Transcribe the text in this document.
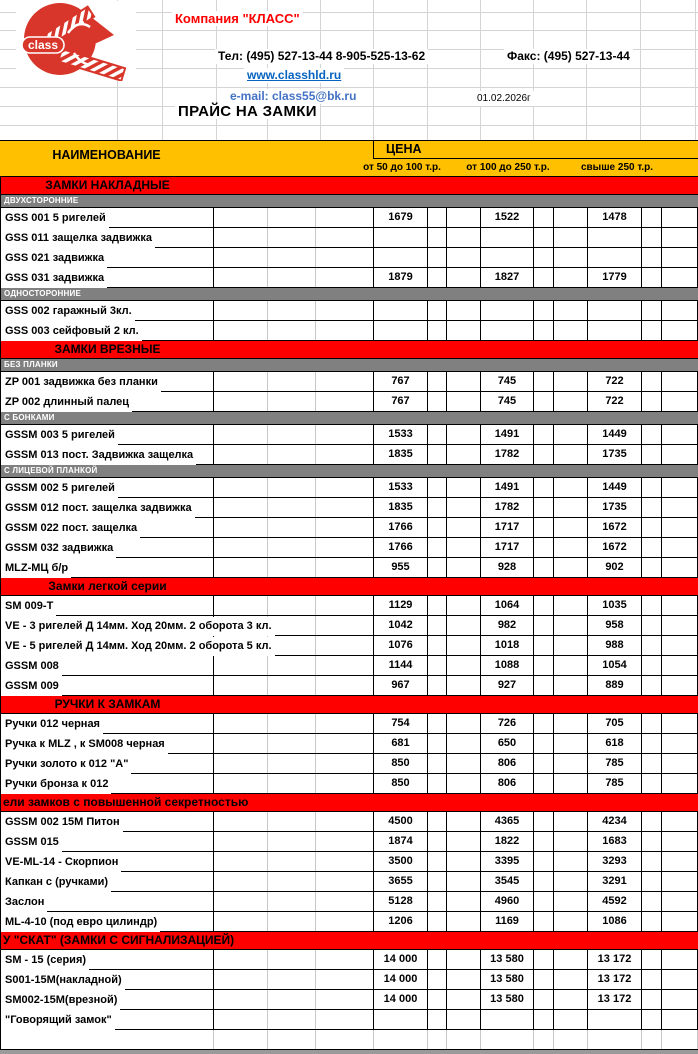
class
Компания "КЛАСС"
Тел: (495) 527-13-44 8-905-525-13-62	Факс: (495) 527-13-44
www.classhld.ru
e-mail: class55@bk.ru	01.02.2026г
ПРАЙС НА ЗАМКИ
НАИМЕНОВАНИЕ	ЦЕНА
от 50 до 100 т.р.	от 100 до 250 т.р.	свыше 250 т.р.
ЗАМКИ НАКЛАДНЫЕ
ДВУХСТОРОННИЕ
GSS 001 5 ригелей	1679	1522	1478
GSS 011 защелка задвижка
GSS 021 задвижка
GSS 031 задвижка	1879	1827	1779
ОДНОСТОРОННИЕ
GSS 002 гаражный 3кл.
GSS 003 сейфовый 2 кл.
ЗАМКИ ВРЕЗНЫЕ
БЕЗ ПЛАНКИ
ZP 001 задвижка без планки	767	745	722
ZP 002 длинный палец	767	745	722
С БОНКАМИ
GSSM 003 5 ригелей	1533	1491	1449
GSSM 013 пост. Задвижка защелка	1835	1782	1735
С ЛИЦЕВОЙ ПЛАНКОЙ
GSSM 002 5 ригелей	1533	1491	1449
GSSM 012 пост. защелка задвижка	1835	1782	1735
GSSM 022 пост. защелка	1766	1717	1672
GSSM 032 задвижка	1766	1717	1672
MLZ-МЦ б/р	955	928	902
Замки легкой серии
SM 009-T	1129	1064	1035
VE - 3 ригелей Д 14мм. Ход 20мм. 2 оборота 3 кл.	1042	982	958
VE - 5 ригелей Д 14мм. Ход 20мм. 2 оборота 5 кл.	1076	1018	988
GSSM 008	1144	1088	1054
GSSM 009	967	927	889
РУЧКИ К ЗАМКАМ
Ручки 012 черная	754	726	705
Ручка к MLZ , к SM008 черная	681	650	618
Ручки золото к 012 "А"	850	806	785
Ручки бронза к 012	850	806	785
ели замков с повышенной секретностью
GSSM 002 15М Питон	4500	4365	4234
GSSM 015	1874	1822	1683
VE-ML-14 - Скорпион	3500	3395	3293
Капкан с (ручками)	3655	3545	3291
Заслон	5128	4960	4592
ML-4-10 (под евро цилиндр)	1206	1169	1086
У "СКАТ" (ЗАМКИ С СИГНАЛИЗАЦИЕЙ)
SM - 15 (серия)	14 000	13 580	13 172
S001-15М(накладной)	14 000	13 580	13 172
SM002-15М(врезной)	14 000	13 580	13 172
"Говорящий замок"
